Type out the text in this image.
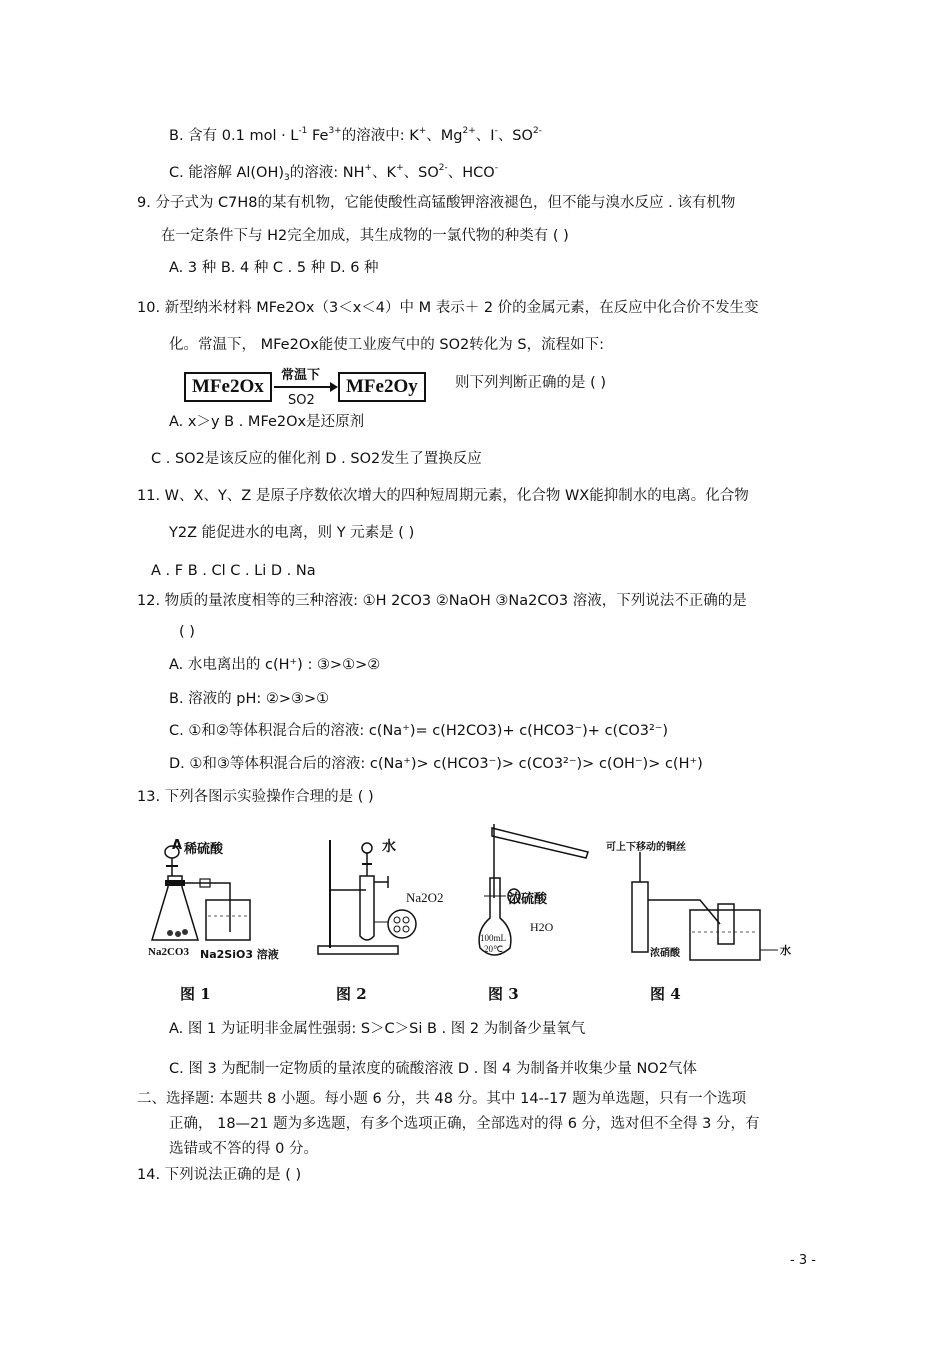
B. 含有 0.1 mol · $L^{-1}$ $Fe^{3+}$的溶液中: K+、$Mg^{2+}$、I-、$SO^{2-}$
C. 能溶解 $Al(OH)_3$的溶液: NH+、K+、$SO^{2-}$、HCO-
9. 分子式为 C7H8的某有机物，它能使酸性高锰酸钾溶液褪色，但不能与溴水反应 . 该有机物
在一定条件下与 H2完全加成，其生成物的一氯代物的种类有 ( )
A. 3 种 B. 4 种 C . 5 种 D. 6 种
10. 新型纳米材料 MFe2Ox（3＜x＜4）中 M 表示＋ 2 价的金属元素，在反应中化合价不发生变
化。常温下， MFe2Ox能使工业废气中的 SO2转化为 S，流程如下:
MFe2Ox
常温下
SO2
MFe2Oy	则下列判断正确的是 ( )
A. x＞y B . MFe2Ox是还原剂
C . SO2是该反应的催化剂 D . SO2发生了置换反应
11. W、X、Y、Z 是原子序数依次增大的四种短周期元素，化合物 WX能抑制水的电离。化合物
Y2Z 能促进水的电离，则 Y 元素是 ( )
A . F B . Cl C . Li D . Na
12. 物质的量浓度相等的三种溶液: ①H 2CO3 ②NaOH ③Na2CO3 溶液，下列说法不正确的是
( )
A. 水电离出的 c(H⁺) : ③>①>②
B. 溶液的 pH: ②>③>①
C. ①和②等体积混合后的溶液: c(Na⁺)= c(H2CO3)+ c(HCO3⁻)+ c(CO3²⁻)
D. ①和③等体积混合后的溶液: c(Na⁺)> c(HCO3⁻)> c(CO3²⁻)> c(OH⁻)> c(H⁺)
13. 下列各图示实验操作合理的是 ( )
A 稀硫酸
Na2CO3 Na2SiO3 溶液
图 1
水
Na2O2
图 2
浓硫酸
H2O
100mL
20℃
图 3
可上下移动的铜丝
浓硝酸	水
图 4
A. 图 1 为证明非金属性强弱: S＞C＞Si B . 图 2 为制备少量氧气
C. 图 3 为配制一定物质的量浓度的硫酸溶液 D . 图 4 为制备并收集少量 NO2气体
二、选择题: 本题共 8 小题。每小题 6 分，共 48 分。其中 14--17 题为单选题，只有一个选项
正确， 18—21 题为多选题，有多个选项正确，全部选对的得 6 分，选对但不全得 3 分，有
选错或不答的得 0 分。
14. 下列说法正确的是 ( )
- 3 -
